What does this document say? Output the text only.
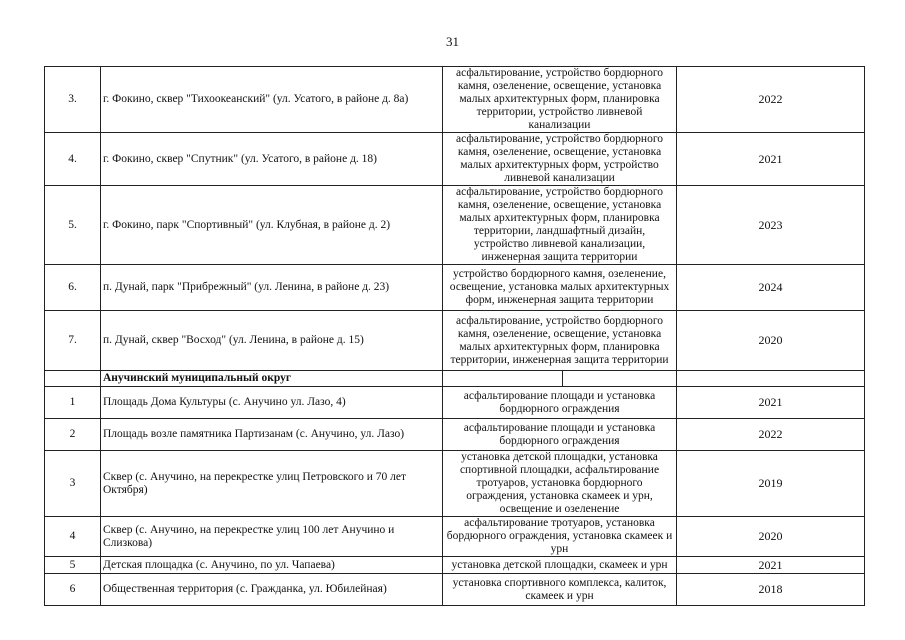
31
3.	г. Фокино, сквер "Тихоокеанский" (ул. Усатого, в районе д. 8а)	асфальтирование, устройство бордюрного камня, озеленение, освещение, установка малых архитектурных форм, планировка территории, устройство ливневой канализации		2022
4.	г. Фокино, сквер "Спутник" (ул. Усатого, в районе д. 18)	асфальтирование, устройство бордюрного камня, озеленение, освещение, установка малых архитектурных форм, устройство ливневой канализации		2021
5.	г. Фокино, парк "Спортивный" (ул. Клубная, в районе д. 2)	асфальтирование, устройство бордюрного камня, озеленение, освещение, установка малых архитектурных форм, планировка территории, ландшафтный дизайн, устройство ливневой канализации, инженерная защита территории		2023
6.	п. Дунай, парк "Прибрежный" (ул. Ленина, в районе д. 23)	устройство бордюрного камня, озеленение, освещение, установка малых архитектурных форм, инженерная защита территории		2024
7.	п. Дунай, сквер "Восход" (ул. Ленина, в районе д. 15)	асфальтирование, устройство бордюрного камня, озеленение, освещение, установка малых архитектурных форм, планировка территории, инженерная защита территории		2020
	Анучинский муниципальный округ			
1	Площадь Дома Культуры (с. Анучино ул. Лазо, 4)	асфальтирование площади и установка бордюрного ограждения		2021
2	Площадь возле памятника Партизанам (с. Анучино, ул. Лазо)	асфальтирование площади и установка бордюрного ограждения		2022
3	Сквер (с. Анучино, на перекрестке улиц Петровского и 70 лет Октября)	установка детской площадки, установка спортивной площадки, асфальтирование тротуаров, установка бордюрного ограждения, установка скамеек и урн, освещение и озеленение		2019
4	Сквер (с. Анучино, на перекрестке улиц 100 лет Анучино и Слизкова)	асфальтирование тротуаров, установка бордюрного ограждения, установка скамеек и урн		2020
5	Детская площадка (с. Анучино, по ул. Чапаева)	установка детской площадки, скамеек и урн		2021
6	Общественная территория (с. Гражданка, ул. Юбилейная)	установка спортивного комплекса, калиток, скамеек и урн		2018
